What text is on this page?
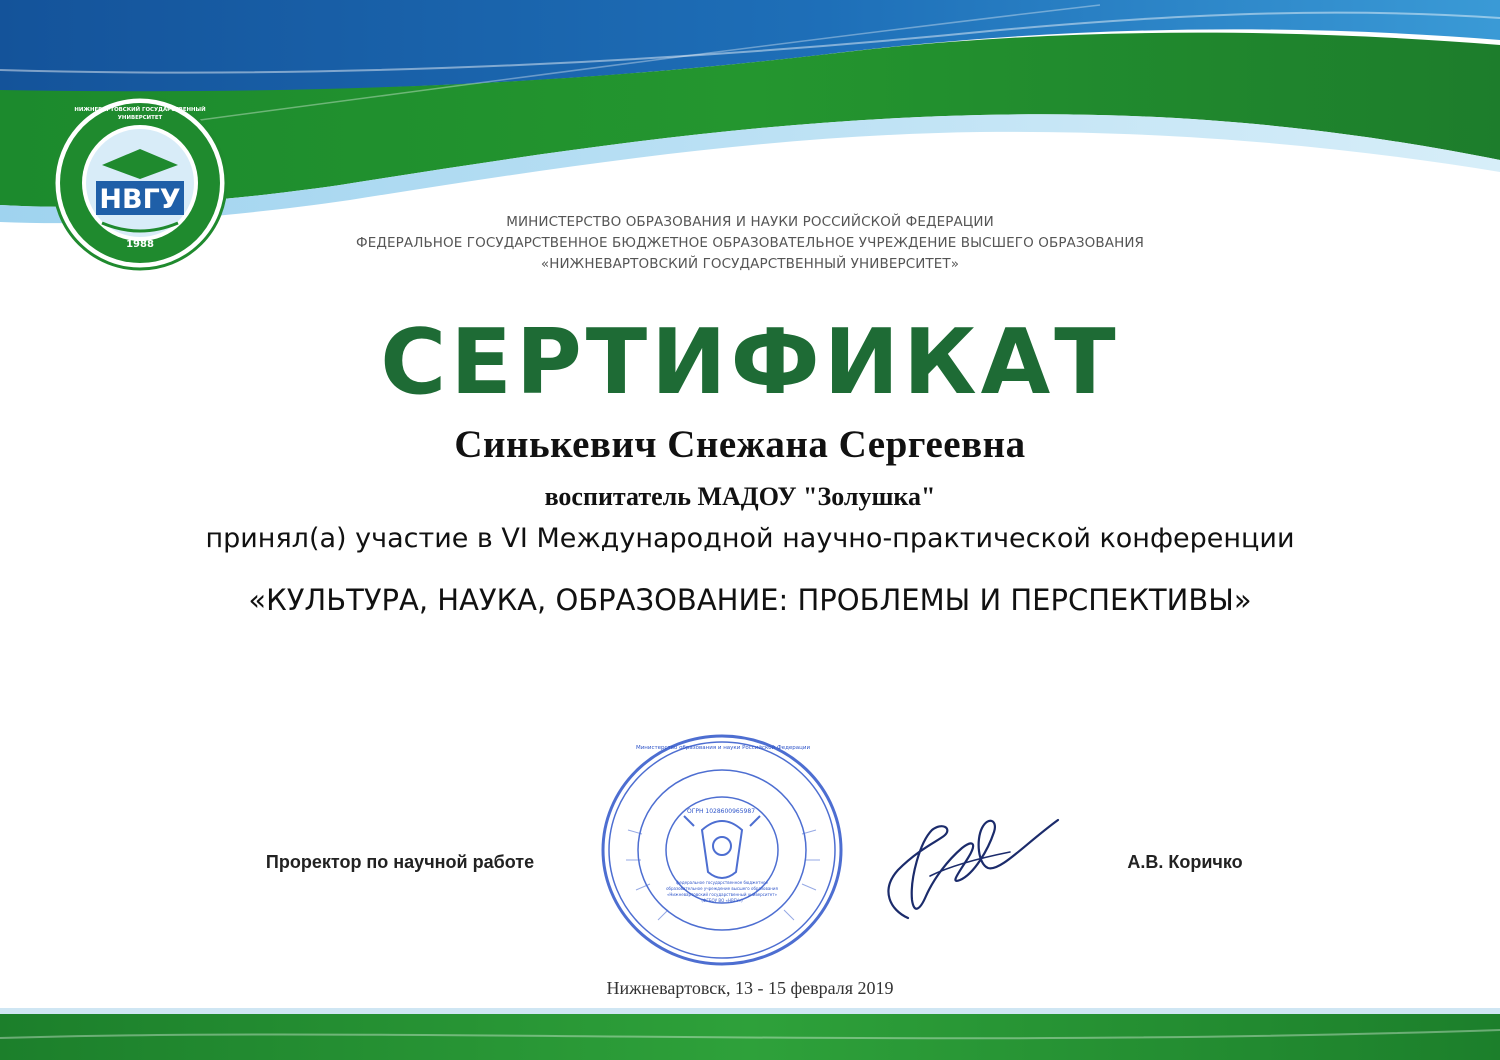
НВГУ
1988
НИЖНЕВАРТОВСКИЙ ГОСУДАРСТВЕННЫЙ УНИВЕРСИТЕТ
МИНИСТЕРСТВО ОБРАЗОВАНИЯ И НАУКИ РОССИЙСКОЙ ФЕДЕРАЦИИ
ФЕДЕРАЛЬНОЕ ГОСУДАРСТВЕННОЕ БЮДЖЕТНОЕ ОБРАЗОВАТЕЛЬНОЕ УЧРЕЖДЕНИЕ ВЫСШЕГО ОБРАЗОВАНИЯ
«НИЖНЕВАРТОВСКИЙ ГОСУДАРСТВЕННЫЙ УНИВЕРСИТЕТ»
СЕРТИФИКАТ
Синькевич Снежана Сергеевна
воспитатель МАДОУ "Золушка"
принял(а) участие в VI Международной научно-практической конференции
«КУЛЬТУРА, НАУКА, ОБРАЗОВАНИЕ: ПРОБЛЕМЫ И ПЕРСПЕКТИВЫ»
Проректор по научной работе	А.В. Коричко
ОГРН 1028600965987
Министерство образования и науки Российской Федерации
федеральное государственное бюджетное образовательное учреждение высшего образования «Нижневартовский государственный университет» (ФГБОУ ВО «НВГУ»)
Нижневартовск, 13 - 15 февраля 2019
